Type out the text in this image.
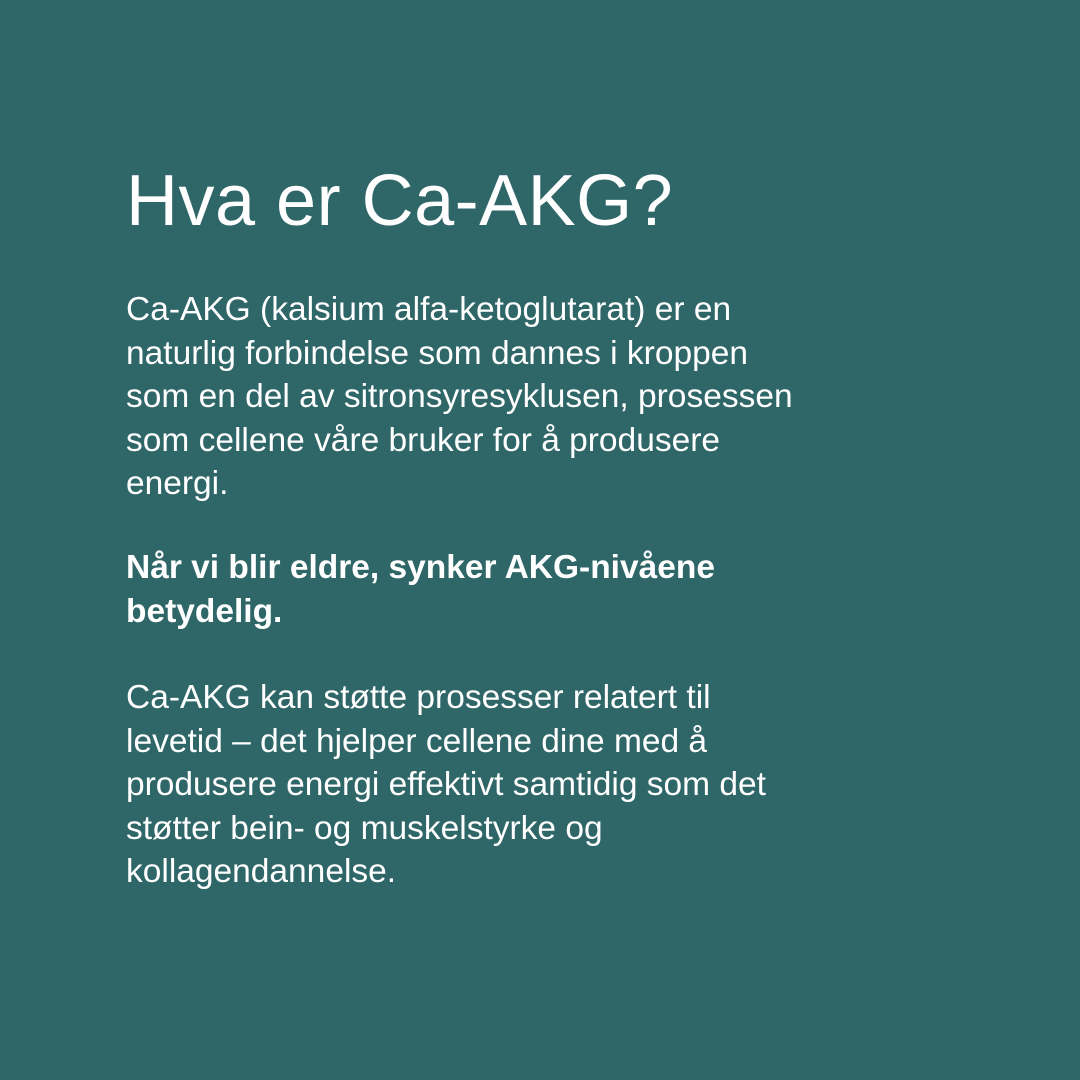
Hva er Ca-AKG?

Ca-AKG (kalsium alfa-ketoglutarat) er en
naturlig forbindelse som dannes i kroppen
som en del av sitronsyresyklusen, prosessen
som cellene våre bruker for å produsere
energi.

Når vi blir eldre, synker AKG-nivåene
betydelig.

Ca-AKG kan støtte prosesser relatert til
levetid – det hjelper cellene dine med å
produsere energi effektivt samtidig som det
støtter bein- og muskelstyrke og
kollagendannelse.
